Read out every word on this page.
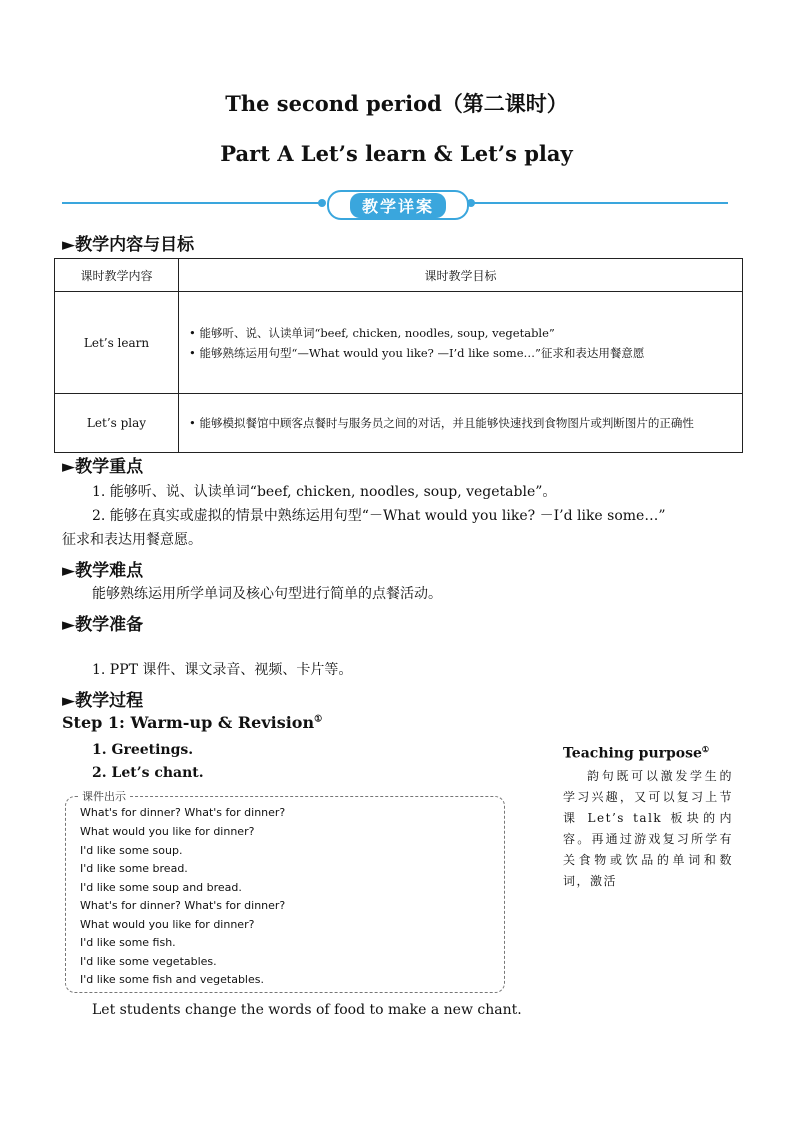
The second period（第二课时）
Part A Let’s learn & Let’s play
教学详案
►教学内容与目标
课时教学内容	课时教学目标
Let’s learn	• 能够听、说、认读单词“beef, chicken, noodles, soup, vegetable”
• 能够熟练运用句型“—What would you like? —I’d like some…”征求和表达用餐意愿

Let’s play	• 能够模拟餐馆中顾客点餐时与服务员之间的对话，并且能够快速找到食物图片或判断图片的正确性
►教学重点
1. 能够听、说、认读单词“beef, chicken, noodles, soup, vegetable”。
2. 能够在真实或虚拟的情景中熟练运用句型“－What would you like? －I’d like some…”
征求和表达用餐意愿。
►教学难点
能够熟练运用所学单词及核心句型进行简单的点餐活动。
►教学准备
1. PPT 课件、课文录音、视频、卡片等。
►教学过程
Step 1: Warm-up & Revision①
1. Greetings.
2. Let’s chant.
课件出示
What's for dinner? What's for dinner?
What would you like for dinner?
I'd like some soup.
I'd like some bread.
I'd like some soup and bread.
What's for dinner? What's for dinner?
What would you like for dinner?
I'd like some fish.
I'd like some vegetables.
I'd like some fish and vegetables.
Let students change the words of food to make a new chant.
Teaching purpose①
韵句既可以激发学生的学习兴趣，又可以复习上节课 Let’s talk 板块的内容。再通过游戏复习所学有关食物或饮品的单词和数词，激活
